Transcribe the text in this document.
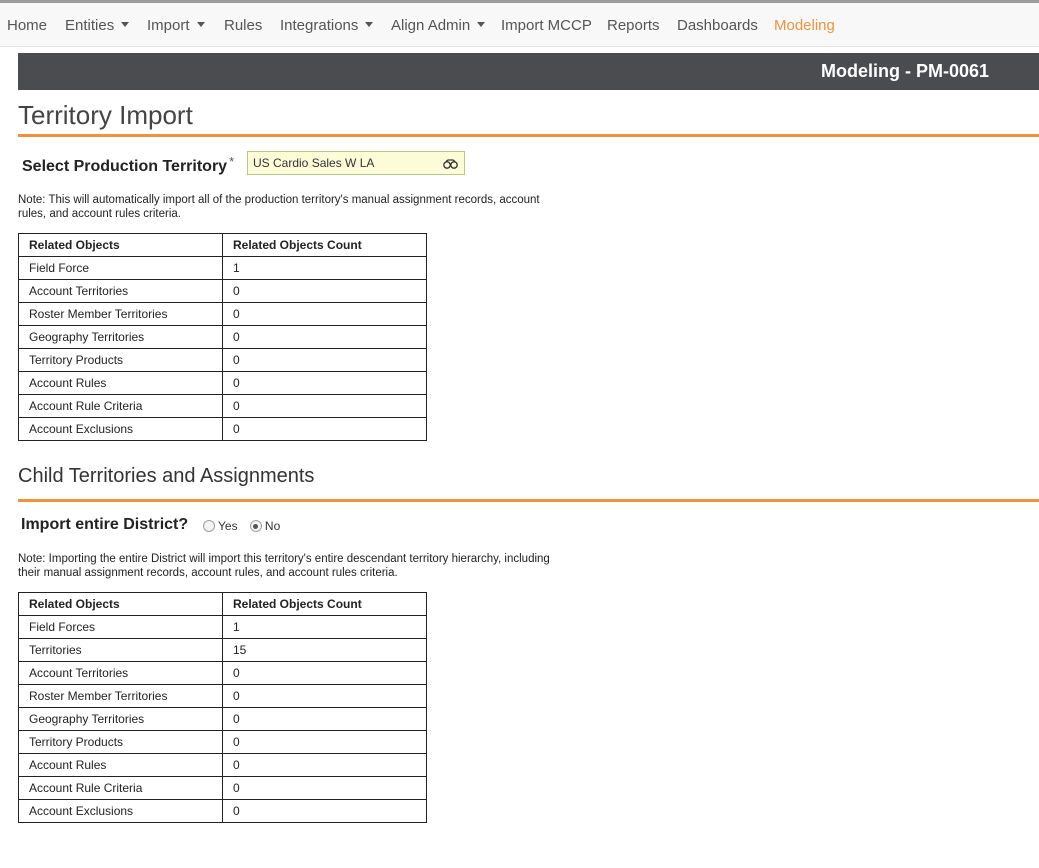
Home Entities	Import	Rules Integrations	Align Admin	Import MCCP Reports Dashboards Modeling
Modeling - PM-0061
Territory Import
Select Production Territory *	US Cardio Sales W LA
Note: This will automatically import all of the production territory's manual assignment records, account rules, and account rules criteria.
Related Objects	Related Objects Count
Field Force	1
Account Territories	0
Roster Member Territories	0
Geography Territories	0
Territory Products	0
Account Rules	0
Account Rule Criteria	0
Account Exclusions	0
Child Territories and Assignments
Import entire District?	Yes No
Note: Importing the entire District will import this territory's entire descendant territory hierarchy, including their manual assignment records, account rules, and account rules criteria.
Related Objects	Related Objects Count
Field Forces	1
Territories	15
Account Territories	0
Roster Member Territories	0
Geography Territories	0
Territory Products	0
Account Rules	0
Account Rule Criteria	0
Account Exclusions	0
